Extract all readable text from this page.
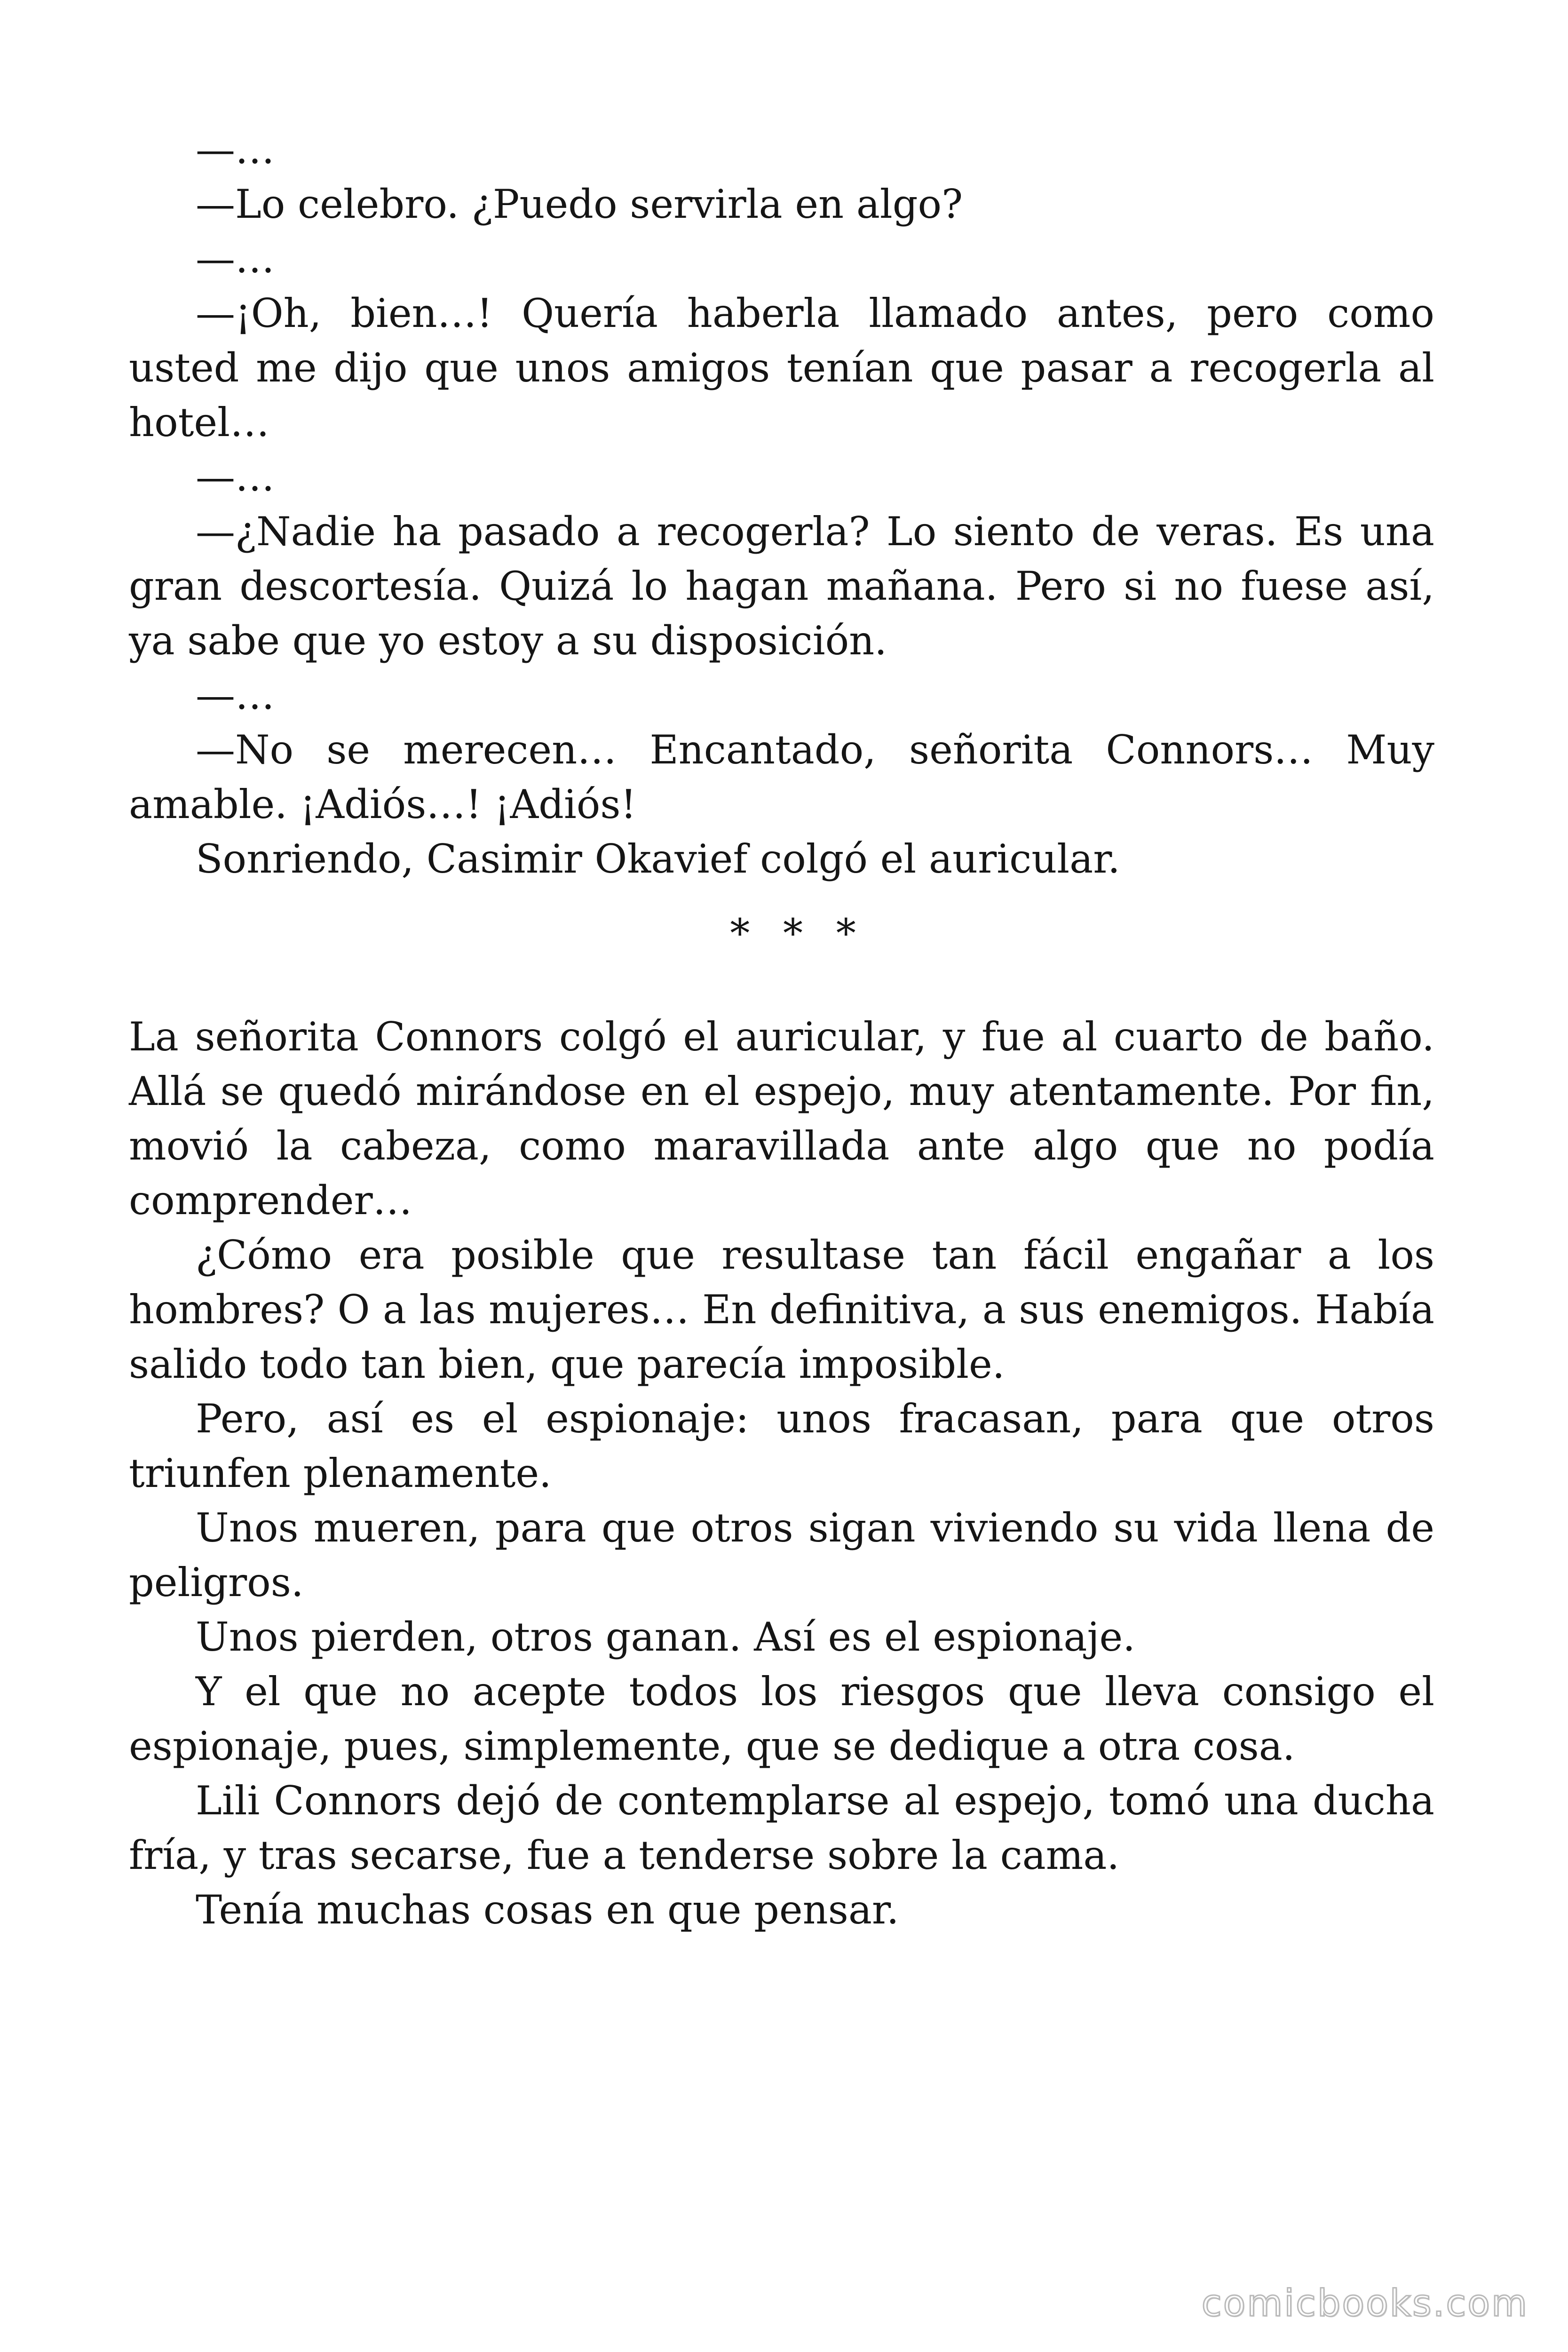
—…

—Lo celebro. ¿Puedo servirla en algo?

—…

—¡Oh, bien…! Quería haberla llamado antes, pero como usted me dijo que unos amigos tenían que pasar a recogerla al hotel…

—…

—¿Nadie ha pasado a recogerla? Lo siento de veras. Es una gran descortesía. Quizá lo hagan mañana. Pero si no fuese así, ya sabe que yo estoy a su disposición.

—…

—No se merecen… Encantado, señorita Connors… Muy amable. ¡Adiós…! ¡Adiós!

Sonriendo, Casimir Okavief colgó el auricular.

* * *

La señorita Connors colgó el auricular, y fue al cuarto de baño. Allá se quedó mirándose en el espejo, muy atentamente. Por fin, movió la cabeza, como maravillada ante algo que no podía comprender…

¿Cómo era posible que resultase tan fácil engañar a los hombres? O a las mujeres… En definitiva, a sus enemigos. Había salido todo tan bien, que parecía imposible.

Pero, así es el espionaje: unos fracasan, para que otros triunfen plenamente.

Unos mueren, para que otros sigan viviendo su vida llena de peligros.

Unos pierden, otros ganan. Así es el espionaje.

Y el que no acepte todos los riesgos que lleva consigo el espionaje, pues, simplemente, que se dedique a otra cosa.

Lili Connors dejó de contemplarse al espejo, tomó una ducha fría, y tras secarse, fue a tenderse sobre la cama.

Tenía muchas cosas en que pensar.

comicbooks.com
